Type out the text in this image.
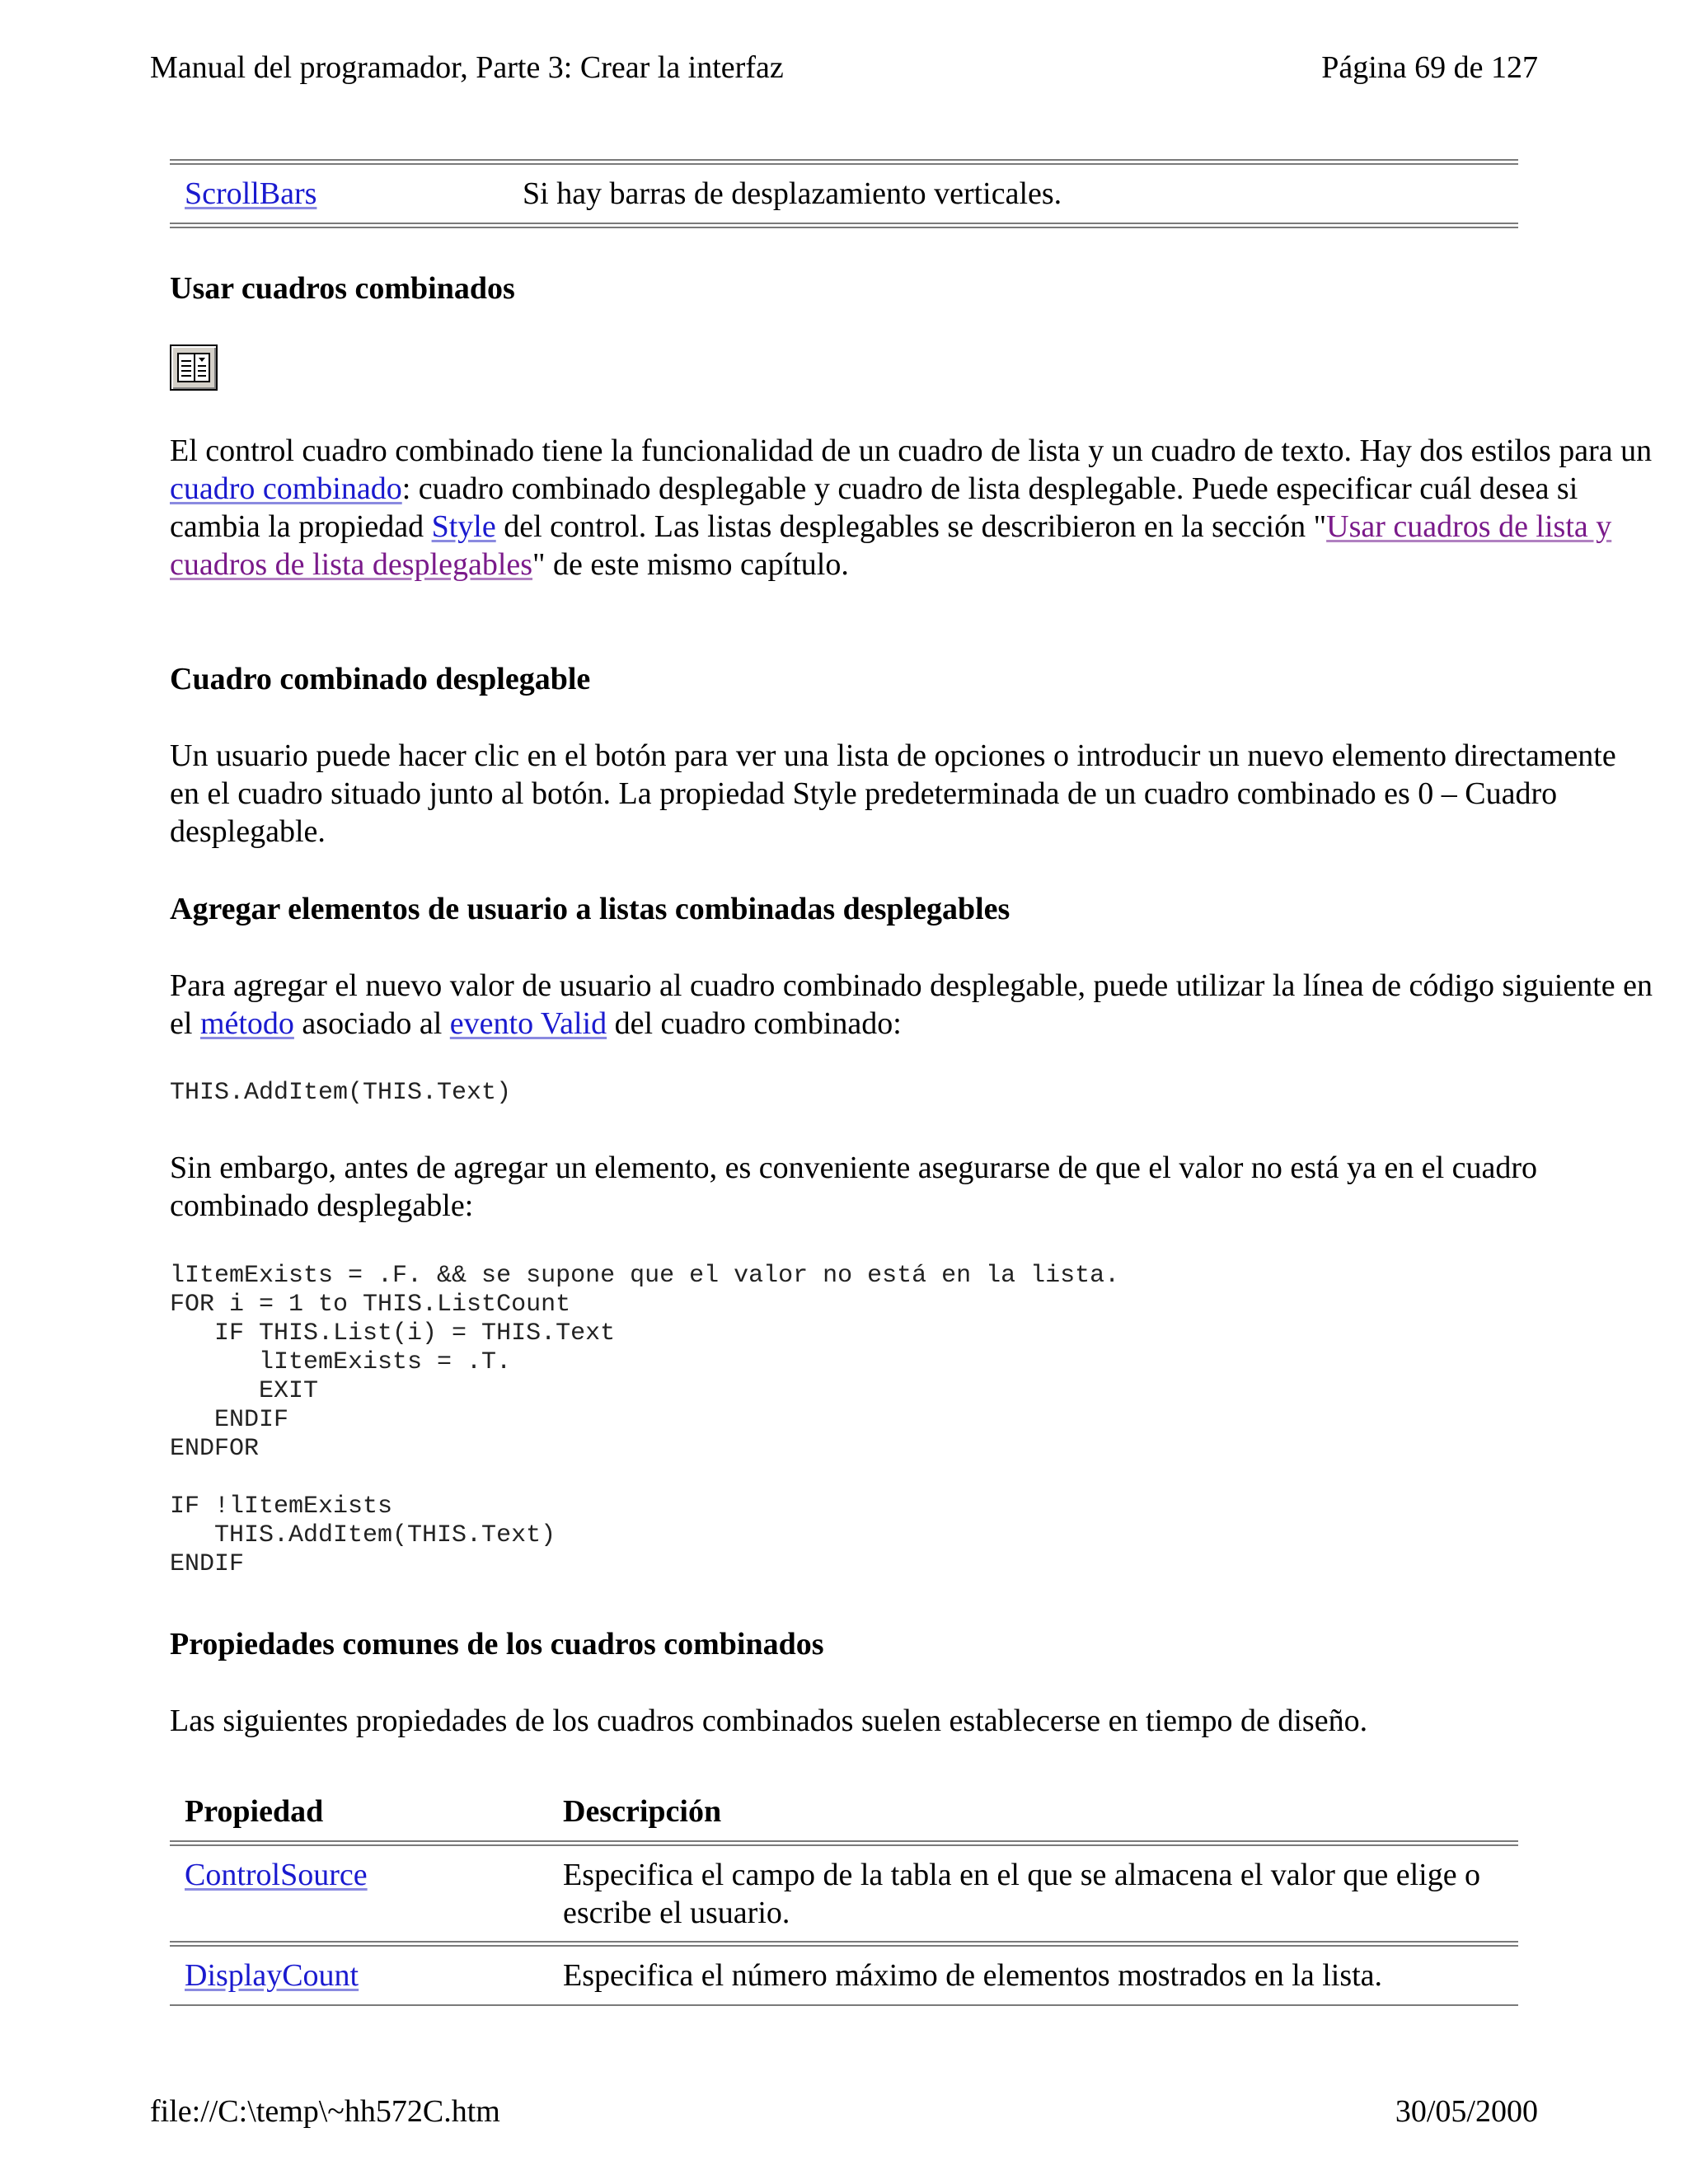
Manual del programador, Parte 3: Crear la interfaz	Página 69 de 127
ScrollBars	Si hay barras de desplazamiento verticales.
Usar cuadros combinados

El control cuadro combinado tiene la funcionalidad de un cuadro de lista y un cuadro de texto. Hay dos estilos para un cuadro combinado: cuadro combinado desplegable y cuadro de lista desplegable. Puede especificar cuál desea si cambia la propiedad Style del control. Las listas desplegables se describieron en la sección "Usar cuadros de lista y cuadros de lista desplegables" de este mismo capítulo.

Cuadro combinado desplegable

Un usuario puede hacer clic en el botón para ver una lista de opciones o introducir un nuevo elemento directamente en el cuadro situado junto al botón. La propiedad Style predeterminada de un cuadro combinado es 0 – Cuadro desplegable.

Agregar elementos de usuario a listas combinadas desplegables

Para agregar el nuevo valor de usuario al cuadro combinado desplegable, puede utilizar la línea de código siguiente en el método asociado al evento Valid del cuadro combinado:

THIS.AddItem(THIS.Text)

Sin embargo, antes de agregar un elemento, es conveniente asegurarse de que el valor no está ya en el cuadro combinado desplegable:

lItemExists = .F. && se supone que el valor no está en la lista.
FOR i = 1 to THIS.ListCount
IF THIS.List(i) = THIS.Text
lItemExists = .T.
EXIT
ENDIF
ENDFOR

IF !lItemExists
THIS.AddItem(THIS.Text)
ENDIF
Propiedades comunes de los cuadros combinados

Las siguientes propiedades de los cuadros combinados suelen establecerse en tiempo de diseño.

Propiedad	Descripción
ControlSource	Especifica el campo de la tabla en el que se almacena el valor que elige o escribe el usuario.
DisplayCount	Especifica el número máximo de elementos mostrados en la lista.
file://C:\temp\~hh572C.htm	30/05/2000
